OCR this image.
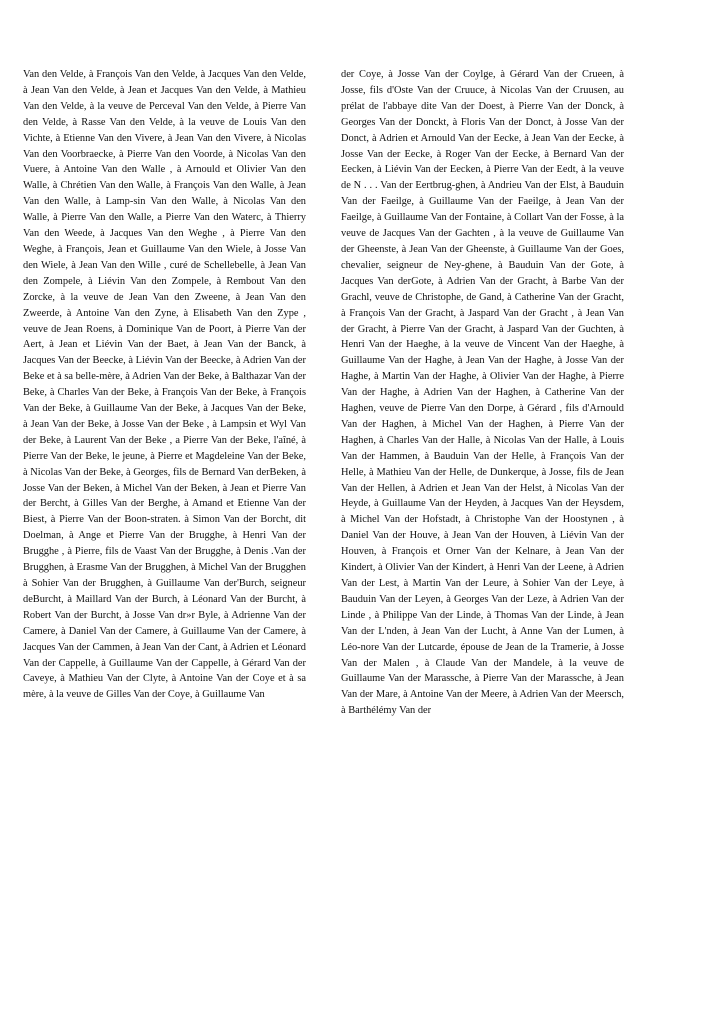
Van den Velde, à François Van den Velde, à Jacques Van den Velde, à Jean Van den Velde, à Jean et Jacques Van den Velde, à Mathieu Van den Velde, à la veuve de Perceval Van den Velde, à Pierre Van den Velde, à Rasse Van den Velde, à la veuve de Louis Van den Vichte, à Etienne Van den Vivere, à Jean Van den Vivere, à Nicolas Van den Voorbraecke, à Pierre Van den Voorde, à Nicolas Van den Vuere, à Antoine Van den Walle , à Arnould et Olivier Van den Walle, à Chrétien Van den Walle, à François Van den Walle, à Jean Van den Walle, à Lamp-sin Van den Walle, à Nicolas Van den Walle, à Pierre Van den Walle, a Pierre Van den Waterc, à Thierry Van den Weede, à Jacques Van den Weghe , à Pierre Van den Weghe, à François, Jean et Guillaume Van den Wiele, à Josse Van den Wiele, à Jean Van den Wille , curé de Schellebelle, à Jean Van den Zompele, à Liévin Van den Zompele, à Rembout Van den Zorcke, à la veuve de Jean Van den Zweene, à Jean Van den Zweerde, à Antoine Van den Zyne, à Elisabeth Van den Zype , veuve de Jean Roens, à Dominique Van de Poort, à Pierre Van der Aert, à Jean et Liévin Van der Baet, à Jean Van der Banck, à Jacques Van der Beecke, à Liévin Van der Beecke, à Adrien Van der Beke et à sa belle-mère, à Adrien Van der Beke, à Balthazar Van der Beke, à Charles Van der Beke, à François Van der Beke, à François Van der Beke, à Guillaume Van der Beke, à Jacques Van der Beke, à Jean Van der Beke, à Josse Van der Beke , à Lampsin et Wyl Van der Beke, à Laurent Van der Beke , a Pierre Van der Beke, l'aîné, à Pierre Van der Beke, le jeune, à Pierre et Magdeleine Van der Beke, à Nicolas Van der Beke, à Georges, fils de Bernard Van derBeken, à Josse Van der Beken, à Michel Van der Beken, à Jean et Pierre Van der Bercht, à Gilles Van der Berghe, à Amand et Etienne Van der Biest, à Pierre Van der Boon-straten. à Simon Van der Borcht, dit Doelman, à Ange et Pierre Van der Brugghe, à Henri Van der Brugghe , à Pierre, fils de Vaast Van der Brugghe, à Denis .Van der Brugghen, à Erasme Van der Brugghen, à Michel Van der Brugghen à Sohier Van der Brugghen, à Guillaume Van der'Burch, seigneur deBurcht, à Maillard Van der Burch, à Léonard Van der Burcht, à Robert Van der Burcht, à Josse Van dr»r Byle, à Adrienne Van der Camere, à Daniel Van der Camere, à Guillaume Van der Camere, à Jacques Van der Cammen, à Jean Van der Cant, à Adrien et Léonard Van der Cappelle, à Guillaume Van der Cappelle, à Gérard Van der Caveye, à Mathieu Van der Clyte, à Antoine Van der Coye et à sa mère, à la veuve de Gilles Van der Coye, à Guillaume Van

der Coye, à Josse Van der Coylge, à Gérard Van der Crueen, à Josse, fils d'Oste Van der Cruuce, à Nicolas Van der Cruusen, au prélat de l'abbaye dite Van der Doest, à Pierre Van der Donck, à Georges Van der Donckt, à Floris Van der Donct, à Josse Van der Donct, à Adrien et Arnould Van der Eecke, à Jean Van der Eecke, à Josse Van der Eecke, à Roger Van der Eecke, à Bernard Van der Eecken, à Liévin Van der Eecken, à Pierre Van der Eedt, à la veuve de N . . . Van der Eertbrug-ghen, à Andrieu Van der Elst, à Bauduin Van der Faeilge, à Guillaume Van der Faeilge, à Jean Van der Faeilge, à Guillaume Van der Fontaine, à Collart Van der Fosse, à la veuve de Jacques Van der Gachten , à la veuve de Guillaume Van der Gheenste, à Jean Van der Gheenste, à Guillaume Van der Goes, chevalier, seigneur de Ney-ghene, à Bauduin Van der Gote, à Jacques Van derGote, à Adrien Van der Gracht, à Barbe Van der Grachl, veuve de Christophe, de Gand, à Catherine Van der Gracht, à François Van der Gracht, à Jaspard Van der Gracht , à Jean Van der Gracht, à Pierre Van der Gracht, à Jaspard Van der Guchten, à Henri Van der Haeghe, à la veuve de Vincent Van der Haeghe, à Guillaume Van der Haghe, à Jean Van der Haghe, à Josse Van der Haghe, à Martin Van der Haghe, à Olivier Van der Haghe, à Pierre Van der Haghe, à Adrien Van der Haghen, à Catherine Van der Haghen, veuve de Pierre Van den Dorpe, à Gérard , fils d'Arnould Van der Haghen, à Michel Van der Haghen, à Pierre Van der Haghen, à Charles Van der Halle, à Nicolas Van der Halle, à Louis Van der Hammen, à Bauduin Van der Helle, à François Van der Helle, à Mathieu Van der Helle, de Dunkerque, à Josse, fils de Jean Van der Hellen, à Adrien et Jean Van der Helst, à Nicolas Van der Heyde, à Guillaume Van der Heyden, à Jacques Van der Heysdem, à Michel Van der Hofstadt, à Christophe Van der Hoostynen , à Daniel Van der Houve, à Jean Van der Houven, à Liévin Van der Houven, à François et Orner Van der Kelnare, à Jean Van der Kindert, à Olivier Van der Kindert, à Henri Van der Leene, à Adrien Van der Lest, à Martin Van der Leure, à Sohier Van der Leye, à Bauduin Van der Leyen, à Georges Van der Leze, à Adrien Van der Linde , à Philippe Van der Linde, à Thomas Van der Linde, à Jean Van der L'nden, à Jean Van der Lucht, à Anne Van der Lumen, à Léo-nore Van der Lutcarde, épouse de Jean de la Tramerie, à Josse Van der Malen , à Claude Van der Mandele, à la veuve de Guillaume Van der Marassche, à Pierre Van der Marassche, à Jean Van der Mare, à Antoine Van der Meere, à Adrien Van der Meersch, à Barthélémy Van der
